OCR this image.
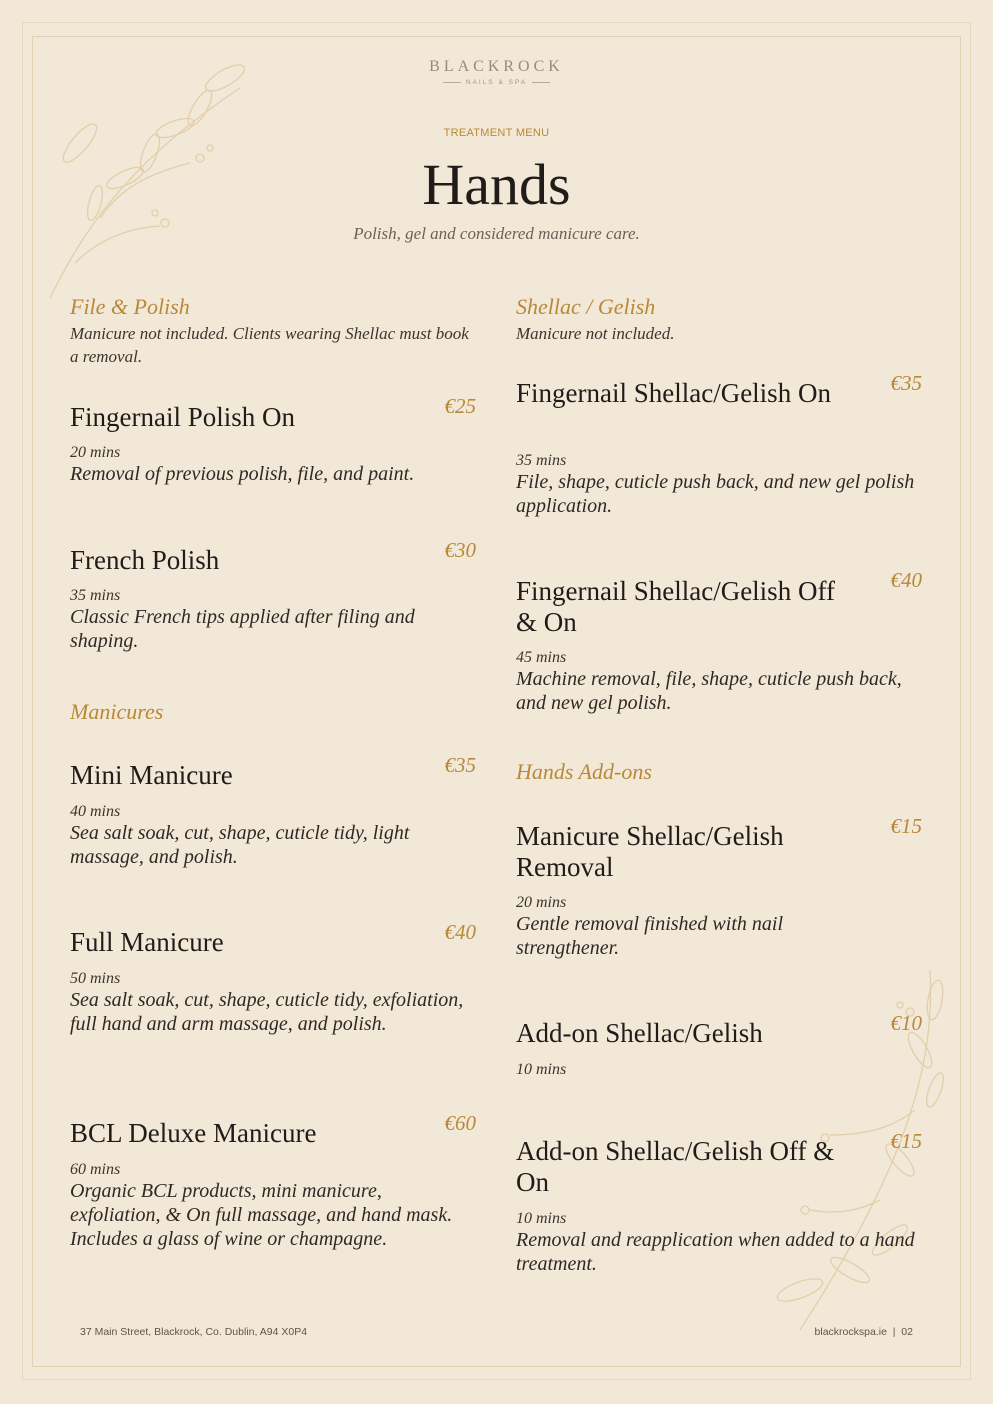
BLACKROCK
NAILS & SPA
TREATMENT MENU
Hands
Polish, gel and considered manicure care.
File & Polish
Manicure not included. Clients wearing Shellac must book a removal.
Fingernail Polish On	€25
20 mins
Removal of previous polish, file, and paint.
French Polish	€30
35 mins
Classic French tips applied after filing and shaping.
Manicures
Mini Manicure	€35
40 mins
Sea salt soak, cut, shape, cuticle tidy, light massage, and polish.
Full Manicure	€40
50 mins
Sea salt soak, cut, shape, cuticle tidy, exfoliation, full hand and arm massage, and polish.
BCL Deluxe Manicure	€60
60 mins
Organic BCL products, mini manicure, exfoliation, & On full massage, and hand mask. Includes a glass of wine or champagne.
Shellac / Gelish
Manicure not included.
Fingernail Shellac/Gelish On	€35
35 mins
File, shape, cuticle push back, and new gel polish application.
Fingernail Shellac/Gelish Off & On
€40
45 mins
Machine removal, file, shape, cuticle push back, and new gel polish.
Hands Add-ons
Manicure Shellac/Gelish Removal
€15
20 mins
Gentle removal finished with nail strengthener.
Add-on Shellac/Gelish	€10
10 mins
Add-on Shellac/Gelish Off & On
€15
10 mins
Removal and reapplication when added to a hand treatment.
37 Main Street, Blackrock, Co. Dublin, A94 X0P4	blackrockspa.ie  |  02
